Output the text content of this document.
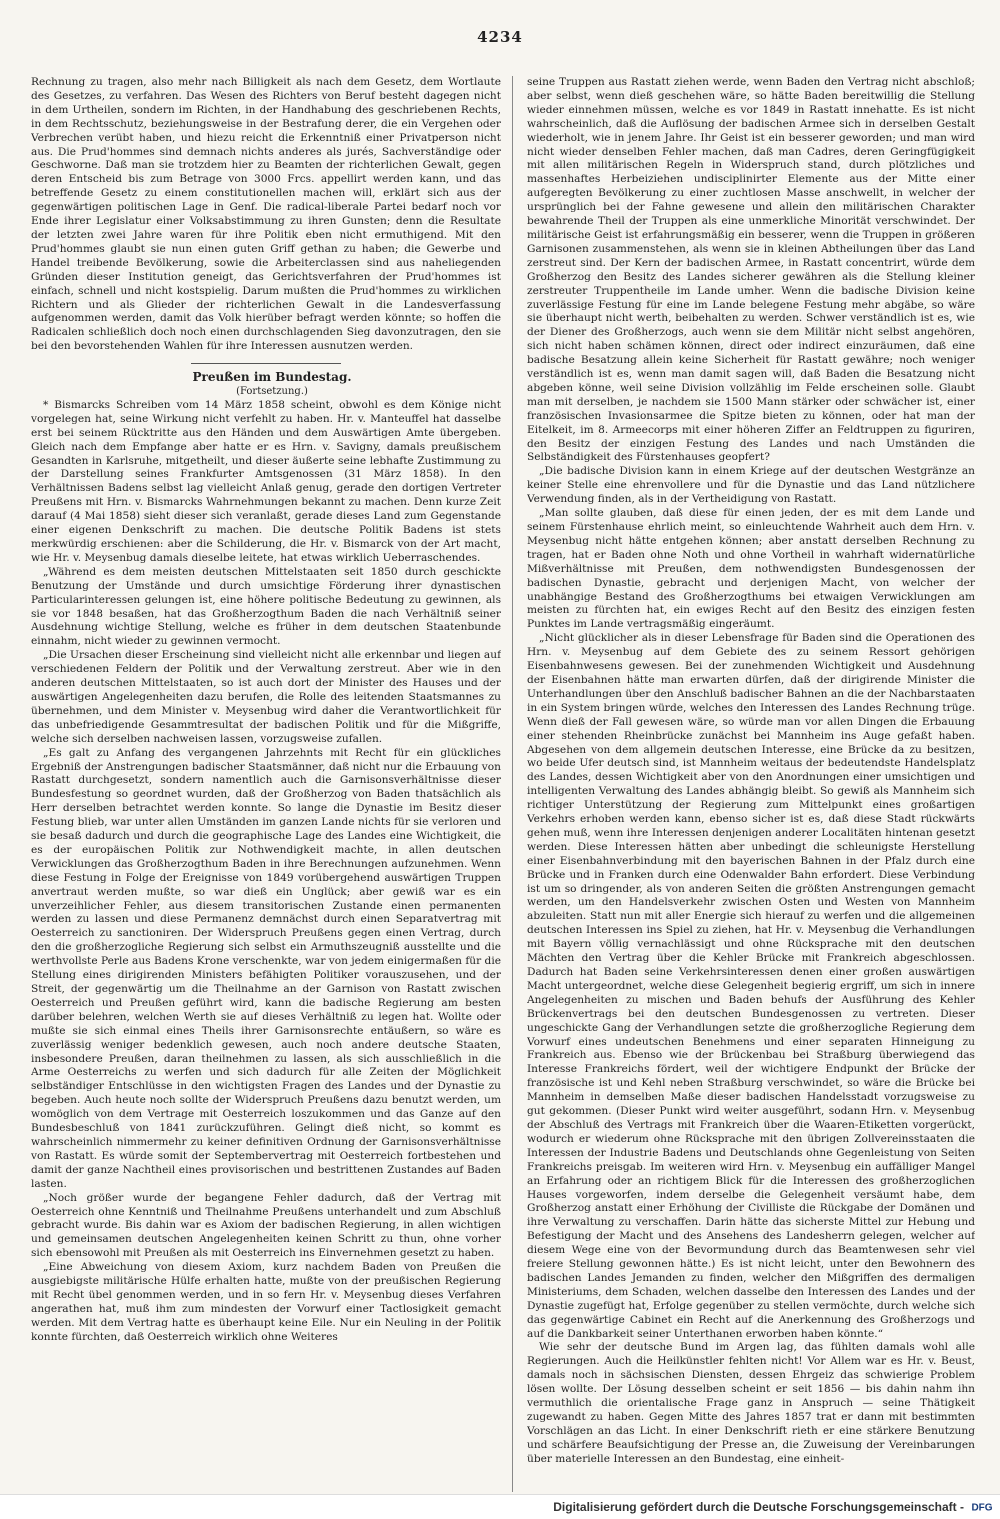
4234

Rechnung zu tragen, also mehr nach Billigkeit als nach dem Gesetz, dem Wortlaute des Gesetzes, zu verfahren. Das Wesen des Richters von Beruf besteht dagegen nicht in dem Urtheilen, sondern im Richten, in der Handhabung des geschriebenen Rechts, in dem Rechtsschutz, beziehungsweise in der Bestrafung derer, die ein Vergehen oder Verbrechen verübt haben, und hiezu reicht die Erkenntniß einer Privatperson nicht aus. Die Prud'hommes sind demnach nichts anderes als jurés, Sachverständige oder Geschworne. Daß man sie trotzdem hier zu Beamten der richterlichen Gewalt, gegen deren Entscheid bis zum Betrage von 3000 Frcs. appellirt werden kann, und das betreffende Gesetz zu einem constitutionellen machen will, erklärt sich aus der gegenwärtigen politischen Lage in Genf. Die radical-liberale Partei bedarf noch vor Ende ihrer Legislatur einer Volksabstimmung zu ihren Gunsten; denn die Resultate der letzten zwei Jahre waren für ihre Politik eben nicht ermuthigend. Mit den Prud'hommes glaubt sie nun einen guten Griff gethan zu haben; die Gewerbe und Handel treibende Bevölkerung, sowie die Arbeiterclassen sind aus naheliegenden Gründen dieser Institution geneigt, das Gerichtsverfahren der Prud'hommes ist einfach, schnell und nicht kostspielig. Darum mußten die Prud'hommes zu wirklichen Richtern und als Glieder der richterlichen Gewalt in die Landesverfassung aufgenommen werden, damit das Volk hierüber befragt werden könnte; so hoffen die Radicalen schließlich doch noch einen durchschlagenden Sieg davonzutragen, den sie bei den bevorstehenden Wahlen für ihre Interessen ausnutzen werden.

Preußen im Bundestag.

(Fortsetzung.)

* Bismarcks Schreiben vom 14 März 1858 scheint, obwohl es dem Könige nicht vorgelegen hat, seine Wirkung nicht verfehlt zu haben. Hr. v. Manteuffel hat dasselbe erst bei seinem Rücktritte aus den Händen und dem Auswärtigen Amte übergeben. Gleich nach dem Empfange aber hatte er es Hrn. v. Savigny, damals preußischem Gesandten in Karlsruhe, mitgetheilt, und dieser äußerte seine lebhafte Zustimmung zu der Darstellung seines Frankfurter Amtsgenossen (31 März 1858). In den Verhältnissen Badens selbst lag vielleicht Anlaß genug, gerade den dortigen Vertreter Preußens mit Hrn. v. Bismarcks Wahrnehmungen bekannt zu machen. Denn kurze Zeit darauf (4 Mai 1858) sieht dieser sich veranlaßt, gerade dieses Land zum Gegenstande einer eigenen Denkschrift zu machen. Die deutsche Politik Badens ist stets merkwürdig erschienen: aber die Schilderung, die Hr. v. Bismarck von der Art macht, wie Hr. v. Meysenbug damals dieselbe leitete, hat etwas wirklich Ueberraschendes.

„Während es dem meisten deutschen Mittelstaaten seit 1850 durch geschickte Benutzung der Umstände und durch umsichtige Förderung ihrer dynastischen Particularinteressen gelungen ist, eine höhere politische Bedeutung zu gewinnen, als sie vor 1848 besaßen, hat das Großherzogthum Baden die nach Verhältniß seiner Ausdehnung wichtige Stellung, welche es früher in dem deutschen Staatenbunde einnahm, nicht wieder zu gewinnen vermocht.

„Die Ursachen dieser Erscheinung sind vielleicht nicht alle erkennbar und liegen auf verschiedenen Feldern der Politik und der Verwaltung zerstreut. Aber wie in den anderen deutschen Mittelstaaten, so ist auch dort der Minister des Hauses und der auswärtigen Angelegenheiten dazu berufen, die Rolle des leitenden Staatsmannes zu übernehmen, und dem Minister v. Meysenbug wird daher die Verantwortlichkeit für das unbefriedigende Gesammtresultat der badischen Politik und für die Mißgriffe, welche sich derselben nachweisen lassen, vorzugsweise zufallen.

„Es galt zu Anfang des vergangenen Jahrzehnts mit Recht für ein glückliches Ergebniß der Anstrengungen badischer Staatsmänner, daß nicht nur die Erbauung von Rastatt durchgesetzt, sondern namentlich auch die Garnisonsverhältnisse dieser Bundesfestung so geordnet wurden, daß der Großherzog von Baden thatsächlich als Herr derselben betrachtet werden konnte. So lange die Dynastie im Besitz dieser Festung blieb, war unter allen Umständen im ganzen Lande nichts für sie verloren und sie besaß dadurch und durch die geographische Lage des Landes eine Wichtigkeit, die es der europäischen Politik zur Nothwendigkeit machte, in allen deutschen Verwicklungen das Großherzogthum Baden in ihre Berechnungen aufzunehmen. Wenn diese Festung in Folge der Ereignisse von 1849 vorübergehend auswärtigen Truppen anvertraut werden mußte, so war dieß ein Unglück; aber gewiß war es ein unverzeihlicher Fehler, aus diesem transitorischen Zustande einen permanenten werden zu lassen und diese Permanenz demnächst durch einen Separatvertrag mit Oesterreich zu sanctioniren. Der Widerspruch Preußens gegen einen Vertrag, durch den die großherzogliche Regierung sich selbst ein Armuthszeugniß ausstellte und die werthvollste Perle aus Badens Krone verschenkte, war von jedem einigermaßen für die Stellung eines dirigirenden Ministers befähigten Politiker vorauszusehen, und der Streit, der gegenwärtig um die Theilnahme an der Garnison von Rastatt zwischen Oesterreich und Preußen geführt wird, kann die badische Regierung am besten darüber belehren, welchen Werth sie auf dieses Verhältniß zu legen hat. Wollte oder mußte sie sich einmal eines Theils ihrer Garnisonsrechte entäußern, so wäre es zuverlässig weniger bedenklich gewesen, auch noch andere deutsche Staaten, insbesondere Preußen, daran theilnehmen zu lassen, als sich ausschließlich in die Arme Oesterreichs zu werfen und sich dadurch für alle Zeiten der Möglichkeit selbständiger Entschlüsse in den wichtigsten Fragen des Landes und der Dynastie zu begeben. Auch heute noch sollte der Widerspruch Preußens dazu benutzt werden, um womöglich von dem Vertrage mit Oesterreich loszukommen und das Ganze auf den Bundesbeschluß von 1841 zurückzuführen. Gelingt dieß nicht, so kommt es wahrscheinlich nimmermehr zu keiner definitiven Ordnung der Garnisonsverhältnisse von Rastatt. Es würde somit der Septembervertrag mit Oesterreich fortbestehen und damit der ganze Nachtheil eines provisorischen und bestrittenen Zustandes auf Baden lasten.

„Noch größer wurde der begangene Fehler dadurch, daß der Vertrag mit Oesterreich ohne Kenntniß und Theilnahme Preußens unterhandelt und zum Abschluß gebracht wurde. Bis dahin war es Axiom der badischen Regierung, in allen wichtigen und gemeinsamen deutschen Angelegenheiten keinen Schritt zu thun, ohne vorher sich ebensowohl mit Preußen als mit Oesterreich ins Einvernehmen gesetzt zu haben.

„Eine Abweichung von diesem Axiom, kurz nachdem Baden von Preußen die ausgiebigste militärische Hülfe erhalten hatte, mußte von der preußischen Regierung mit Recht übel genommen werden, und in so fern Hr. v. Meysenbug dieses Verfahren angerathen hat, muß ihm zum mindesten der Vorwurf einer Tactlosigkeit gemacht werden. Mit dem Vertrag hatte es überhaupt keine Eile. Nur ein Neuling in der Politik konnte fürchten, daß Oesterreich wirklich ohne Weiteres

seine Truppen aus Rastatt ziehen werde, wenn Baden den Vertrag nicht abschloß; aber selbst, wenn dieß geschehen wäre, so hätte Baden bereitwillig die Stellung wieder einnehmen müssen, welche es vor 1849 in Rastatt innehatte. Es ist nicht wahrscheinlich, daß die Auflösung der badischen Armee sich in derselben Gestalt wiederholt, wie in jenem Jahre. Ihr Geist ist ein besserer geworden; und man wird nicht wieder denselben Fehler machen, daß man Cadres, deren Geringfügigkeit mit allen militärischen Regeln in Widerspruch stand, durch plötzliches und massenhaftes Herbeiziehen undisciplinirter Elemente aus der Mitte einer aufgeregten Bevölkerung zu einer zuchtlosen Masse anschwellt, in welcher der ursprünglich bei der Fahne gewesene und allein den militärischen Charakter bewahrende Theil der Truppen als eine unmerkliche Minorität verschwindet. Der militärische Geist ist erfahrungsmäßig ein besserer, wenn die Truppen in größeren Garnisonen zusammenstehen, als wenn sie in kleinen Abtheilungen über das Land zerstreut sind. Der Kern der badischen Armee, in Rastatt concentrirt, würde dem Großherzog den Besitz des Landes sicherer gewähren als die Stellung kleiner zerstreuter Truppentheile im Lande umher. Wenn die badische Division keine zuverlässige Festung für eine im Lande belegene Festung mehr abgäbe, so wäre sie überhaupt nicht werth, beibehalten zu werden. Schwer verständlich ist es, wie der Diener des Großherzogs, auch wenn sie dem Militär nicht selbst angehören, sich nicht haben schämen können, direct oder indirect einzuräumen, daß eine badische Besatzung allein keine Sicherheit für Rastatt gewähre; noch weniger verständlich ist es, wenn man damit sagen will, daß Baden die Besatzung nicht abgeben könne, weil seine Division vollzählig im Felde erscheinen solle. Glaubt man mit derselben, je nachdem sie 1500 Mann stärker oder schwächer ist, einer französischen Invasionsarmee die Spitze bieten zu können, oder hat man der Eitelkeit, im 8. Armeecorps mit einer höheren Ziffer an Feldtruppen zu figuriren, den Besitz der einzigen Festung des Landes und nach Umständen die Selbständigkeit des Fürstenhauses geopfert?

„Die badische Division kann in einem Kriege auf der deutschen Westgränze an keiner Stelle eine ehrenvollere und für die Dynastie und das Land nützlichere Verwendung finden, als in der Vertheidigung von Rastatt.

„Man sollte glauben, daß diese für einen jeden, der es mit dem Lande und seinem Fürstenhause ehrlich meint, so einleuchtende Wahrheit auch dem Hrn. v. Meysenbug nicht hätte entgehen können; aber anstatt derselben Rechnung zu tragen, hat er Baden ohne Noth und ohne Vortheil in wahrhaft widernatürliche Mißverhältnisse mit Preußen, dem nothwendigsten Bundesgenossen der badischen Dynastie, gebracht und derjenigen Macht, von welcher der unabhängige Bestand des Großherzogthums bei etwaigen Verwicklungen am meisten zu fürchten hat, ein ewiges Recht auf den Besitz des einzigen festen Punktes im Lande vertragsmäßig eingeräumt.

„Nicht glücklicher als in dieser Lebensfrage für Baden sind die Operationen des Hrn. v. Meysenbug auf dem Gebiete des zu seinem Ressort gehörigen Eisenbahnwesens gewesen. Bei der zunehmenden Wichtigkeit und Ausdehnung der Eisenbahnen hätte man erwarten dürfen, daß der dirigirende Minister die Unterhandlungen über den Anschluß badischer Bahnen an die der Nachbarstaaten in ein System bringen würde, welches den Interessen des Landes Rechnung trüge. Wenn dieß der Fall gewesen wäre, so würde man vor allen Dingen die Erbauung einer stehenden Rheinbrücke zunächst bei Mannheim ins Auge gefaßt haben. Abgesehen von dem allgemein deutschen Interesse, eine Brücke da zu besitzen, wo beide Ufer deutsch sind, ist Mannheim weitaus der bedeutendste Handelsplatz des Landes, dessen Wichtigkeit aber von den Anordnungen einer umsichtigen und intelligenten Verwaltung des Landes abhängig bleibt. So gewiß als Mannheim sich richtiger Unterstützung der Regierung zum Mittelpunkt eines großartigen Verkehrs erhoben werden kann, ebenso sicher ist es, daß diese Stadt rückwärts gehen muß, wenn ihre Interessen denjenigen anderer Localitäten hintenan gesetzt werden. Diese Interessen hätten aber unbedingt die schleunigste Herstellung einer Eisenbahnverbindung mit den bayerischen Bahnen in der Pfalz durch eine Brücke und in Franken durch eine Odenwalder Bahn erfordert. Diese Verbindung ist um so dringender, als von anderen Seiten die größten Anstrengungen gemacht werden, um den Handelsverkehr zwischen Osten und Westen von Mannheim abzuleiten. Statt nun mit aller Energie sich hierauf zu werfen und die allgemeinen deutschen Interessen ins Spiel zu ziehen, hat Hr. v. Meysenbug die Verhandlungen mit Bayern völlig vernachlässigt und ohne Rücksprache mit den deutschen Mächten den Vertrag über die Kehler Brücke mit Frankreich abgeschlossen. Dadurch hat Baden seine Verkehrsinteressen denen einer großen auswärtigen Macht untergeordnet, welche diese Gelegenheit begierig ergriff, um sich in innere Angelegenheiten zu mischen und Baden behufs der Ausführung des Kehler Brückenvertrags bei den deutschen Bundesgenossen zu vertreten. Dieser ungeschickte Gang der Verhandlungen setzte die großherzogliche Regierung dem Vorwurf eines undeutschen Benehmens und einer separaten Hinneigung zu Frankreich aus. Ebenso wie der Brückenbau bei Straßburg überwiegend das Interesse Frankreichs fördert, weil der wichtigere Endpunkt der Brücke der französische ist und Kehl neben Straßburg verschwindet, so wäre die Brücke bei Mannheim in demselben Maße dieser badischen Handelsstadt vorzugsweise zu gut gekommen. (Dieser Punkt wird weiter ausgeführt, sodann Hrn. v. Meysenbug der Abschluß des Vertrags mit Frankreich über die Waaren-Etiketten vorgerückt, wodurch er wiederum ohne Rücksprache mit den übrigen Zollvereinsstaaten die Interessen der Industrie Badens und Deutschlands ohne Gegenleistung von Seiten Frankreichs preisgab. Im weiteren wird Hrn. v. Meysenbug ein auffälliger Mangel an Erfahrung oder an richtigem Blick für die Interessen des großherzoglichen Hauses vorgeworfen, indem derselbe die Gelegenheit versäumt habe, dem Großherzog anstatt einer Erhöhung der Civilliste die Rückgabe der Domänen und ihre Verwaltung zu verschaffen. Darin hätte das sicherste Mittel zur Hebung und Befestigung der Macht und des Ansehens des Landesherrn gelegen, welcher auf diesem Wege eine von der Bevormundung durch das Beamtenwesen sehr viel freiere Stellung gewonnen hätte.) Es ist nicht leicht, unter den Bewohnern des badischen Landes Jemanden zu finden, welcher den Mißgriffen des dermaligen Ministeriums, dem Schaden, welchen dasselbe den Interessen des Landes und der Dynastie zugefügt hat, Erfolge gegenüber zu stellen vermöchte, durch welche sich das gegenwärtige Cabinet ein Recht auf die Anerkennung des Großherzogs und auf die Dankbarkeit seiner Unterthanen erworben haben könnte.“

Wie sehr der deutsche Bund im Argen lag, das fühlten damals wohl alle Regierungen. Auch die Heilkünstler fehlten nicht! Vor Allem war es Hr. v. Beust, damals noch in sächsischen Diensten, dessen Ehrgeiz das schwierige Problem lösen wollte. Der Lösung desselben scheint er seit 1856 — bis dahin nahm ihn vermuthlich die orientalische Frage ganz in Anspruch — seine Thätigkeit zugewandt zu haben. Gegen Mitte des Jahres 1857 trat er dann mit bestimmten Vorschlägen an das Licht. In einer Denkschrift rieth er eine stärkere Benutzung und schärfere Beaufsichtigung der Presse an, die Zuweisung der Vereinbarungen über materielle Interessen an den Bundestag, eine einheit-

Digitalisierung gefördert durch die Deutsche Forschungsgemeinschaft - DFG
